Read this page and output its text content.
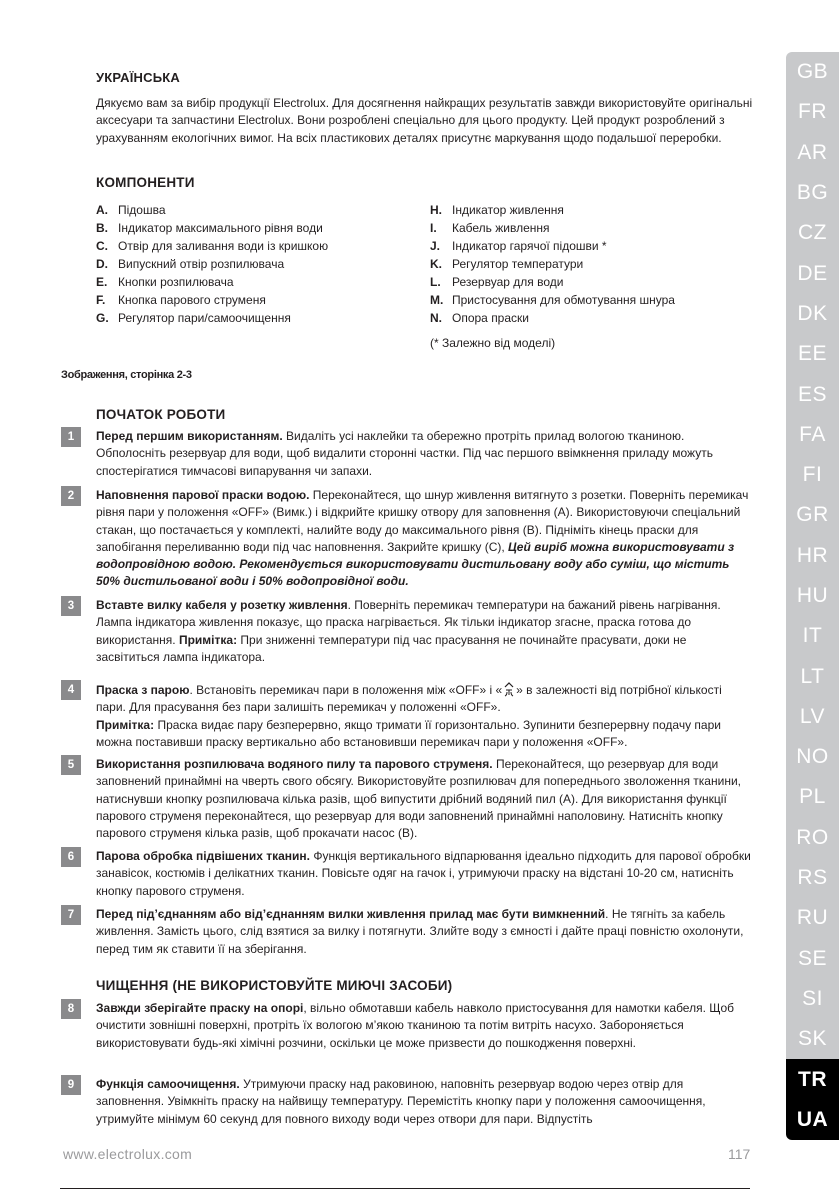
УКРАЇНСЬКА
Дякуємо вам за вибір продукції Electrolux. Для досягнення найкращих результатів завжди використовуйте оригінальні аксесуари та запчастини Electrolux. Вони розроблені спеціально для цього продукту. Цей продукт розроблений з урахуванням екологічних вимог. На всіх пластикових деталях присутнє маркування щодо подальшої переробки.
КОМПОНЕНТИ
A. Підошва
B. Індикатор максимального рівня води
C. Отвір для заливання води із кришкою
D. Випускний отвір розпилювача
E. Кнопки розпилювача
F.	Кнопка парового струменя
G. Регулятор пари/самоочищення
H. Індикатор живлення
I.	Кабель живлення
J. Індикатор гарячої підошви *
K. Регулятор температури
L. Резервуар для води
M. Пристосування для обмотування шнура
N. Опора праски
(* Залежно від моделі)
Зображення, сторінка 2-3
ПОЧАТОК РОБОТИ
1	Перед першим використанням. Видаліть усі наклейки та обережно протріть прилад вологою тканиною. Обполосніть резервуар для води, щоб видалити сторонні частки. Під час першого ввімкнення приладу можуть спостерігатися тимчасові випарування чи запахи.
2	Наповнення парової праски водою. Переконайтеся, що шнур живлення витягнуто з розетки. Поверніть перемикач рівня пари у положення «OFF» (Вимк.) і відкрийте кришку отвору для заповнення (A). Використовуючи спеціальний стакан, що постачається у комплекті, налийте воду до максимального рівня (B). Підніміть кінець праски для запобігання переливанню води під час наповнення. Закрийте кришку (C), Цей виріб можна використовувати з водопровідною водою. Рекомендується використовувати дистильовану воду або сумiш, що містить 50% дистильованої води і 50% водопровідної води.
3	Вставте вилку кабеля у розетку живлення. Поверніть перемикач температури на бажаний рівень нагрівання. Лампа індикатора живлення показує, що праска нагрівається. Як тільки індикатор згасне, праска готова до використання. Примітка: При зниженні температури під час прасування не починайте прасувати, доки не засвітиться лампа індикатора.
4	Праска з парою. Встановіть перемикач пари в положення між «OFF» і « » в залежності від потрібної кількості пари. Для прасування без пари залишіть перемикач у положенні «OFF».
Примітка: Праска видає пару безперервно, якщо тримати її горизонтально. Зупинити безперервну подачу пари можна поставивши праску вертикально або встановивши перемикач пари у положення «OFF».
5	Використання розпилювача водяного пилу та парового струменя. Переконайтеся, що резервуар для води заповнений принаймні на чверть свого обсягу. Використовуйте розпилювач для попереднього зволоження тканини, натиснувши кнопку розпилювача кілька разів, щоб випустити дрібний водяний пил (A). Для використання функції парового струменя переконайтеся, що резервуар для води заповнений принаймні наполовину. Натисніть кнопку парового струменя кілька разів, щоб прокачати насос (B).
6	Парова обробка підвішених тканин. Функція вертикального відпарювання ідеально підходить для парової обробки занавісок, костюмів і делікатних тканин. Повісьте одяг на гачок і, утримуючи праску на відстані 10-20 см, натисніть кнопку парового струменя.
7	Перед під’єднанням або від’єднанням вилки живлення прилад має бути вимкненний. Не тягніть за кабель живлення. Замість цього, слід взятися за вилку і потягнути. Злийте воду з ємності і дайте праці повністю охолонути, перед тим як ставити її на зберігання.
ЧИЩЕННЯ (НЕ ВИКОРИСТОВУЙТЕ МИЮЧІ ЗАСОБИ)
8	Завжди зберігайте праску на опорі, вільно обмотавши кабель навколо пристосування для намотки кабеля. Щоб очистити зовнішні поверхні, протріть їх вологою м’якою тканиною та потім витріть насухо. Забороняється використовувати будь-які хімічні розчини, оскільки це може призвести до пошкодження поверхні.
9	Функція самоочищення. Утримуючи праску над раковиною, наповніть резервуар водою через отвір для заповнення. Увімкніть праску на найвищу температуру. Перемістіть кнопку пари у положення самоочищення, утримуйте мінімум 60 секунд для повного виходу води через отвори для пари. Відпустіть
www.electrolux.com	117
GB
FR
AR
BG
CZ
DE
DK
EE
ES
FA
FI
GR
HR
HU
IT
LT
LV
NO
PL
RO
RS
RU
SE
SI
SK
TR
UA
